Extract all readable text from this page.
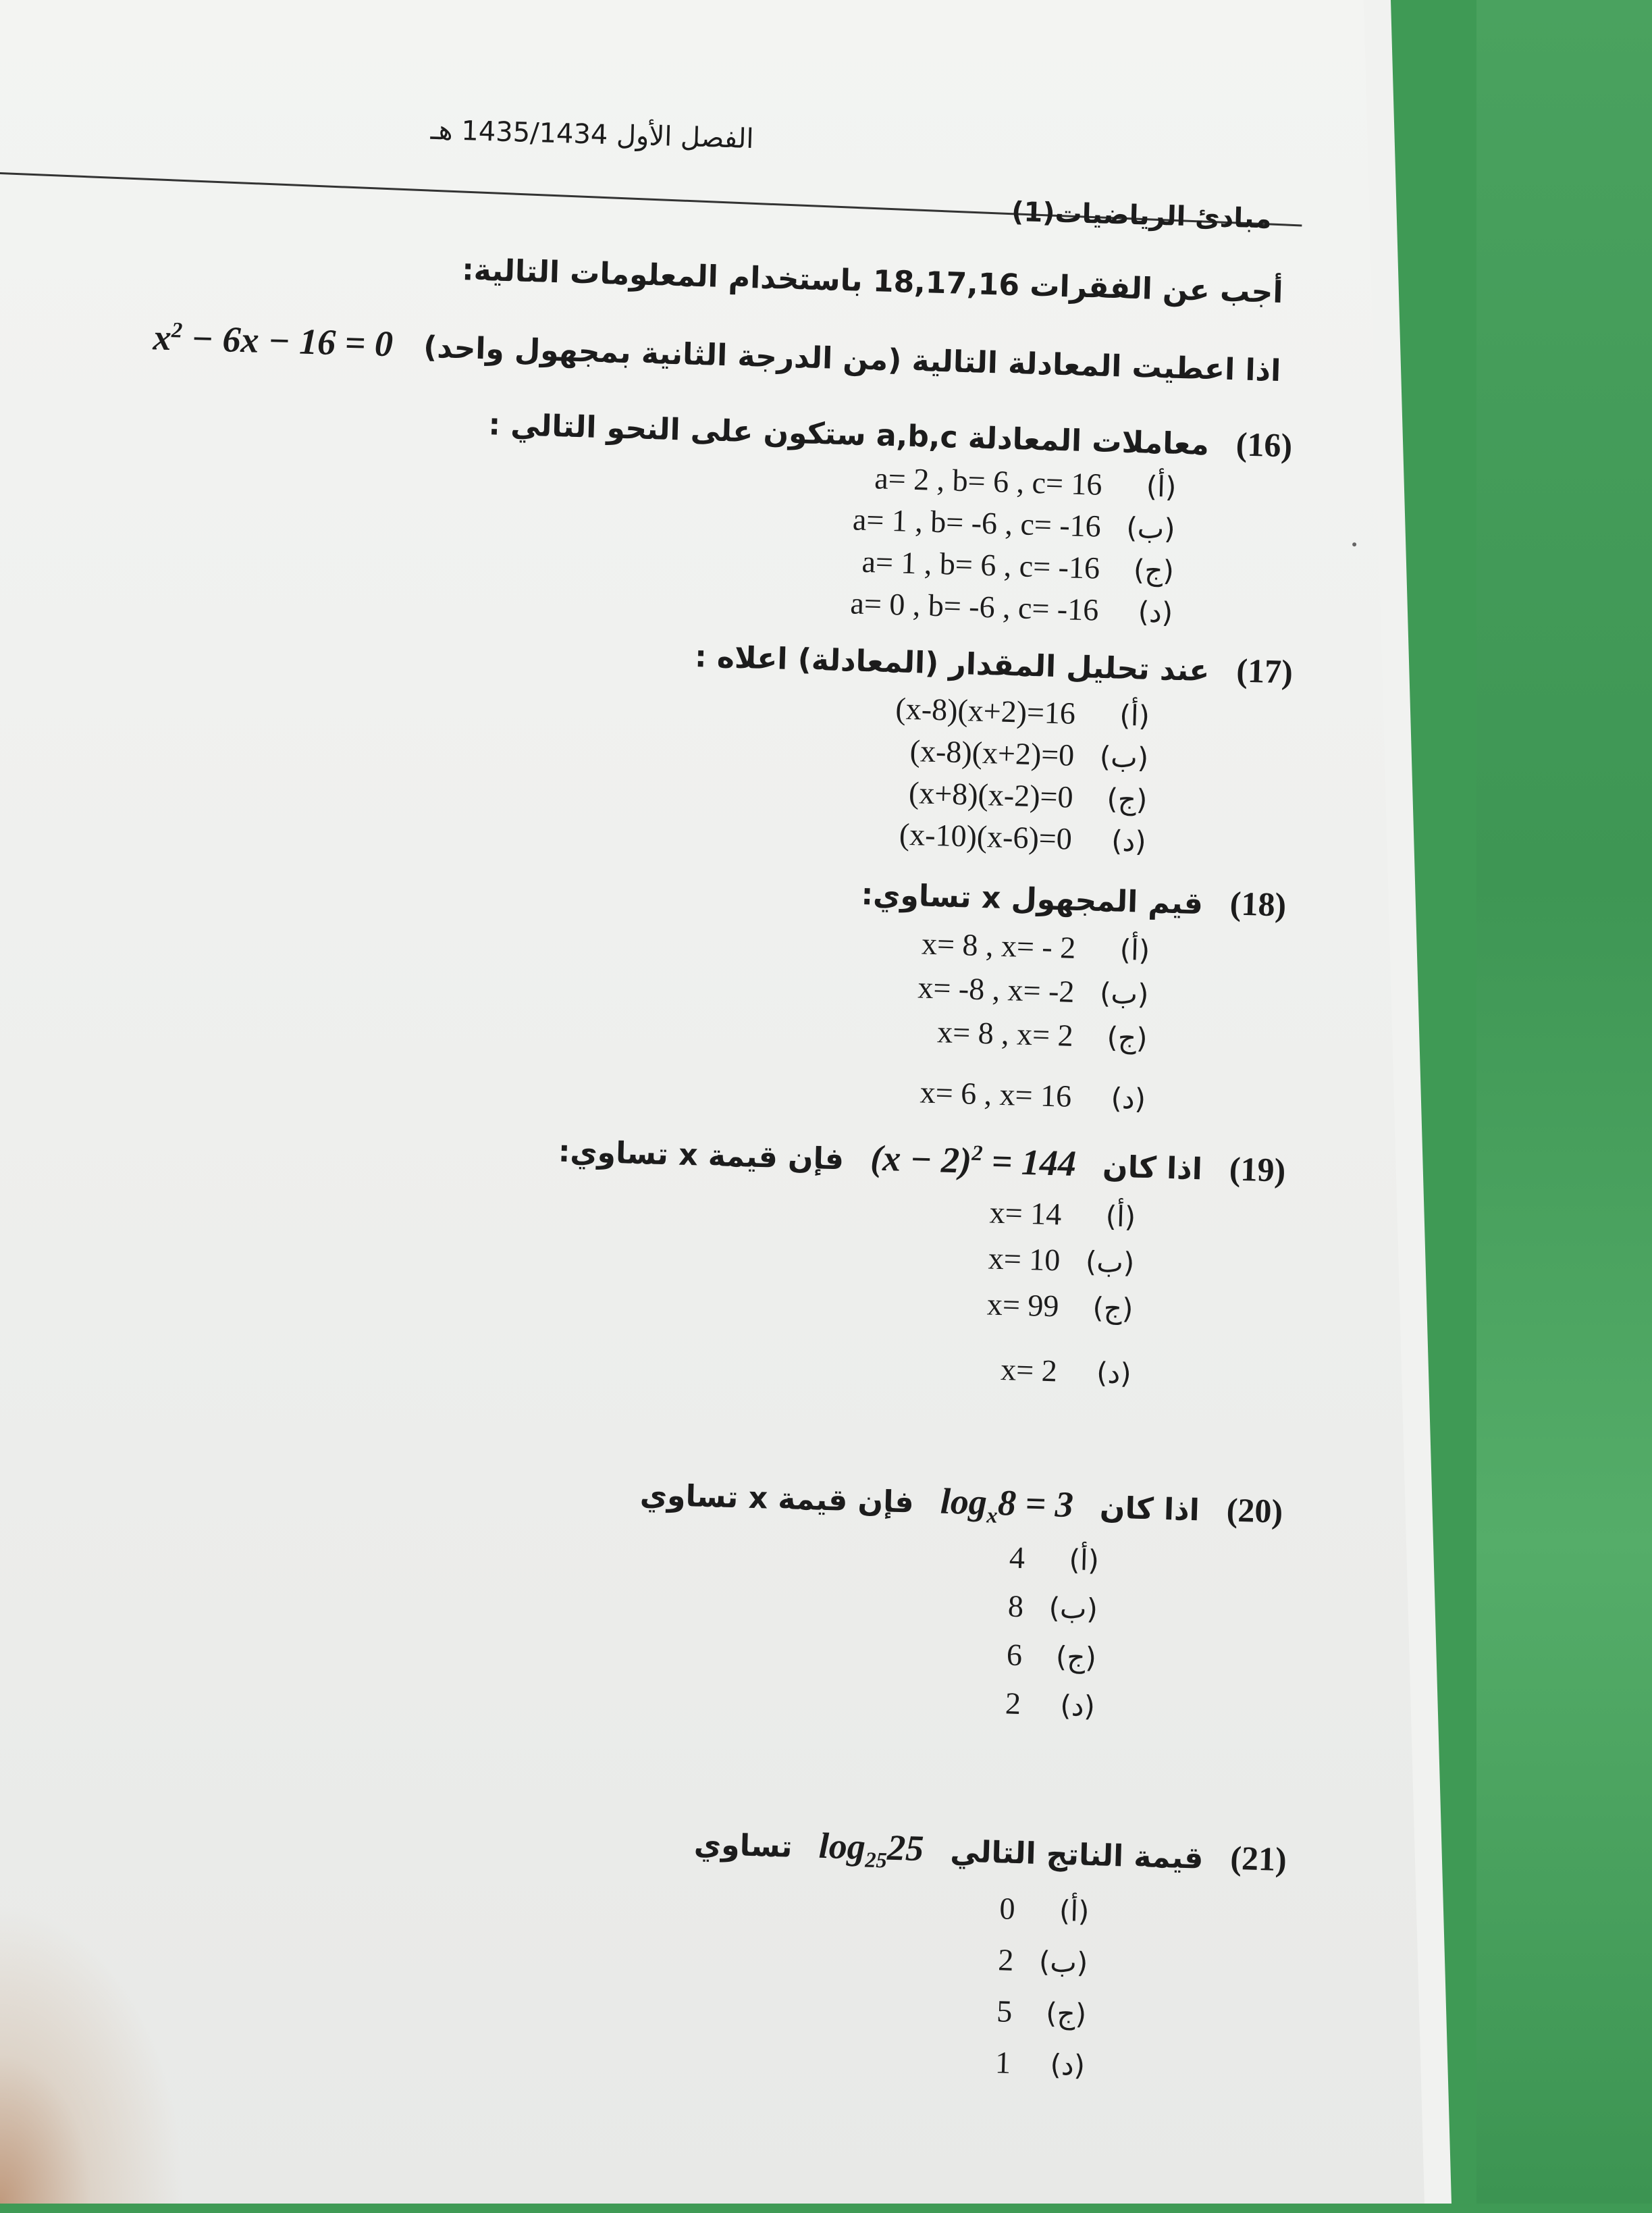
الفصل الأول 1435/1434 هـ
مبادئ الرياضيات(1)
أجب عن الفقرات 18,17,16 باستخدام المعلومات التالية:
اذا اعطيت المعادلة التالية (من الدرجة الثانية بمجهول واحد) $x^2 - 6x - 16 = 0$
(16)معاملات المعادلة a,b,c ستكون على النحو التالي :
a= 2 , b= 6 , c= 16 (أ)
a= 1 , b= -6 , c= -16 (ب)
a= 1 , b= 6 , c= -16 (ج)
a= 0 , b= -6 , c= -16 (د)
(17)عند تحليل المقدار (المعادلة) اعلاه :
(x-8)(x+2)=16 (أ)
(x-8)(x+2)=0 (ب)
(x+8)(x-2)=0 (ج)
(x-10)(x-6)=0 (د)
(18)قيم المجهول x تساوي:
x= 8 , x= - 2 (أ)
x= -8 , x= -2 (ب)
x= 8 , x= 2 (ج)
x= 6 , x= 16 (د)
(19)اذا كان $(x - 2)^2 = 144$ فإن قيمة x تساوي:
x= 14 (أ)
x= 10 (ب)
x= 99 (ج)
x= 2 (د)
(20)اذا كان $\log_x8 = 3$ فإن قيمة x تساوي
4 (أ)
8 (ب)
6 (ج)
2 (د)
(21)قيمة الناتج التالي $\log_{25}25$ تساوي
0 (أ)
2 (ب)
5 (ج)
1 (د)
